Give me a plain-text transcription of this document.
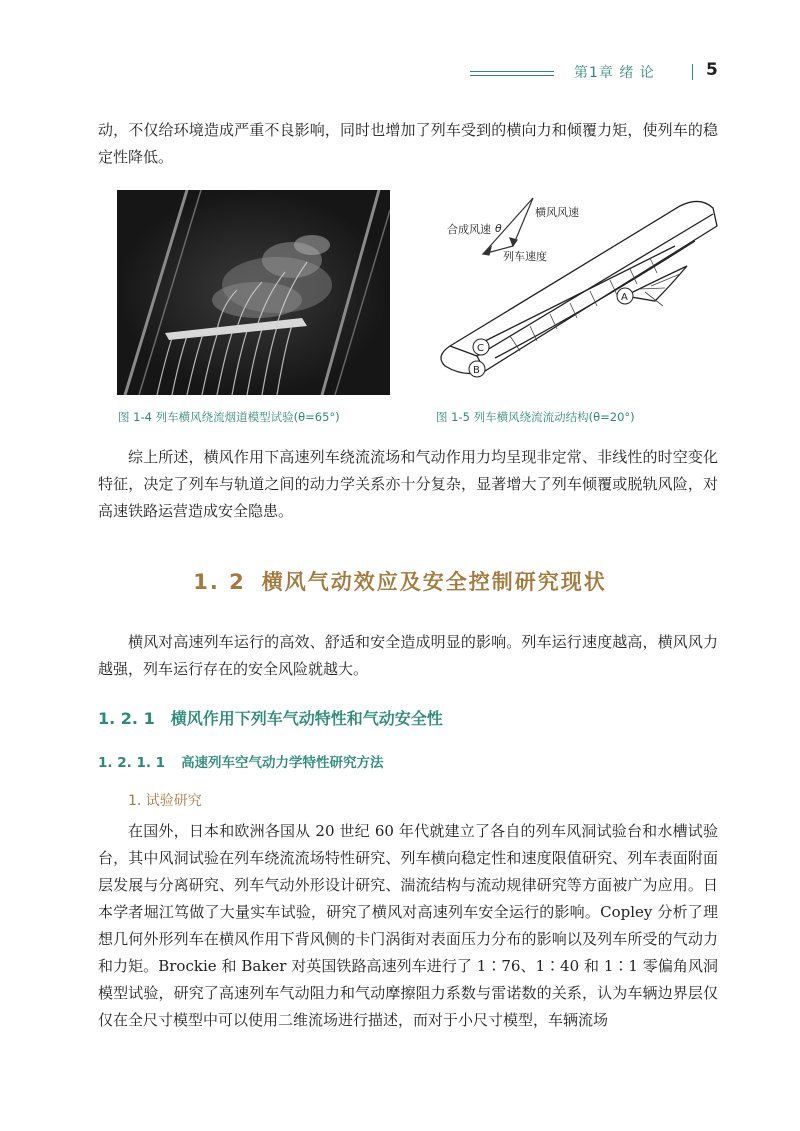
第1章 绪 论	5
动，不仅给环境造成严重不良影响，同时也增加了列车受到的横向力和倾覆力矩，使列车的稳定性降低。
θ
横风风速
合成风速
列车速度
A
B
C
图 1-4 列车横风绕流烟道模型试验(θ=65°)	图 1-5 列车横风绕流流动结构(θ=20°)
综上所述，横风作用下高速列车绕流流场和气动作用力均呈现非定常、非线性的时空变化特征，决定了列车与轨道之间的动力学关系亦十分复杂，显著增大了列车倾覆或脱轨风险，对高速铁路运营造成安全隐患。
1. 2 横风气动效应及安全控制研究现状
横风对高速列车运行的高效、舒适和安全造成明显的影响。列车运行速度越高，横风风力越强，列车运行存在的安全风险就越大。
1. 2. 1 横风作用下列车气动特性和气动安全性
1. 2. 1. 1 高速列车空气动力学特性研究方法
1. 试验研究
在国外，日本和欧洲各国从 20 世纪 60 年代就建立了各自的列车风洞试验台和水槽试验台，其中风洞试验在列车绕流流场特性研究、列车横向稳定性和速度限值研究、列车表面附面层发展与分离研究、列车气动外形设计研究、湍流结构与流动规律研究等方面被广为应用。日本学者堀江笃做了大量实车试验，研究了横风对高速列车安全运行的影响。Copley 分析了理想几何外形列车在横风作用下背风侧的卡门涡街对表面压力分布的影响以及列车所受的气动力和力矩。Brockie 和 Baker 对英国铁路高速列车进行了 1∶76、1∶40 和 1∶1 零偏角风洞模型试验，研究了高速列车气动阻力和气动摩擦阻力系数与雷诺数的关系，认为车辆边界层仅仅在全尺寸模型中可以使用二维流场进行描述，而对于小尺寸模型，车辆流场
